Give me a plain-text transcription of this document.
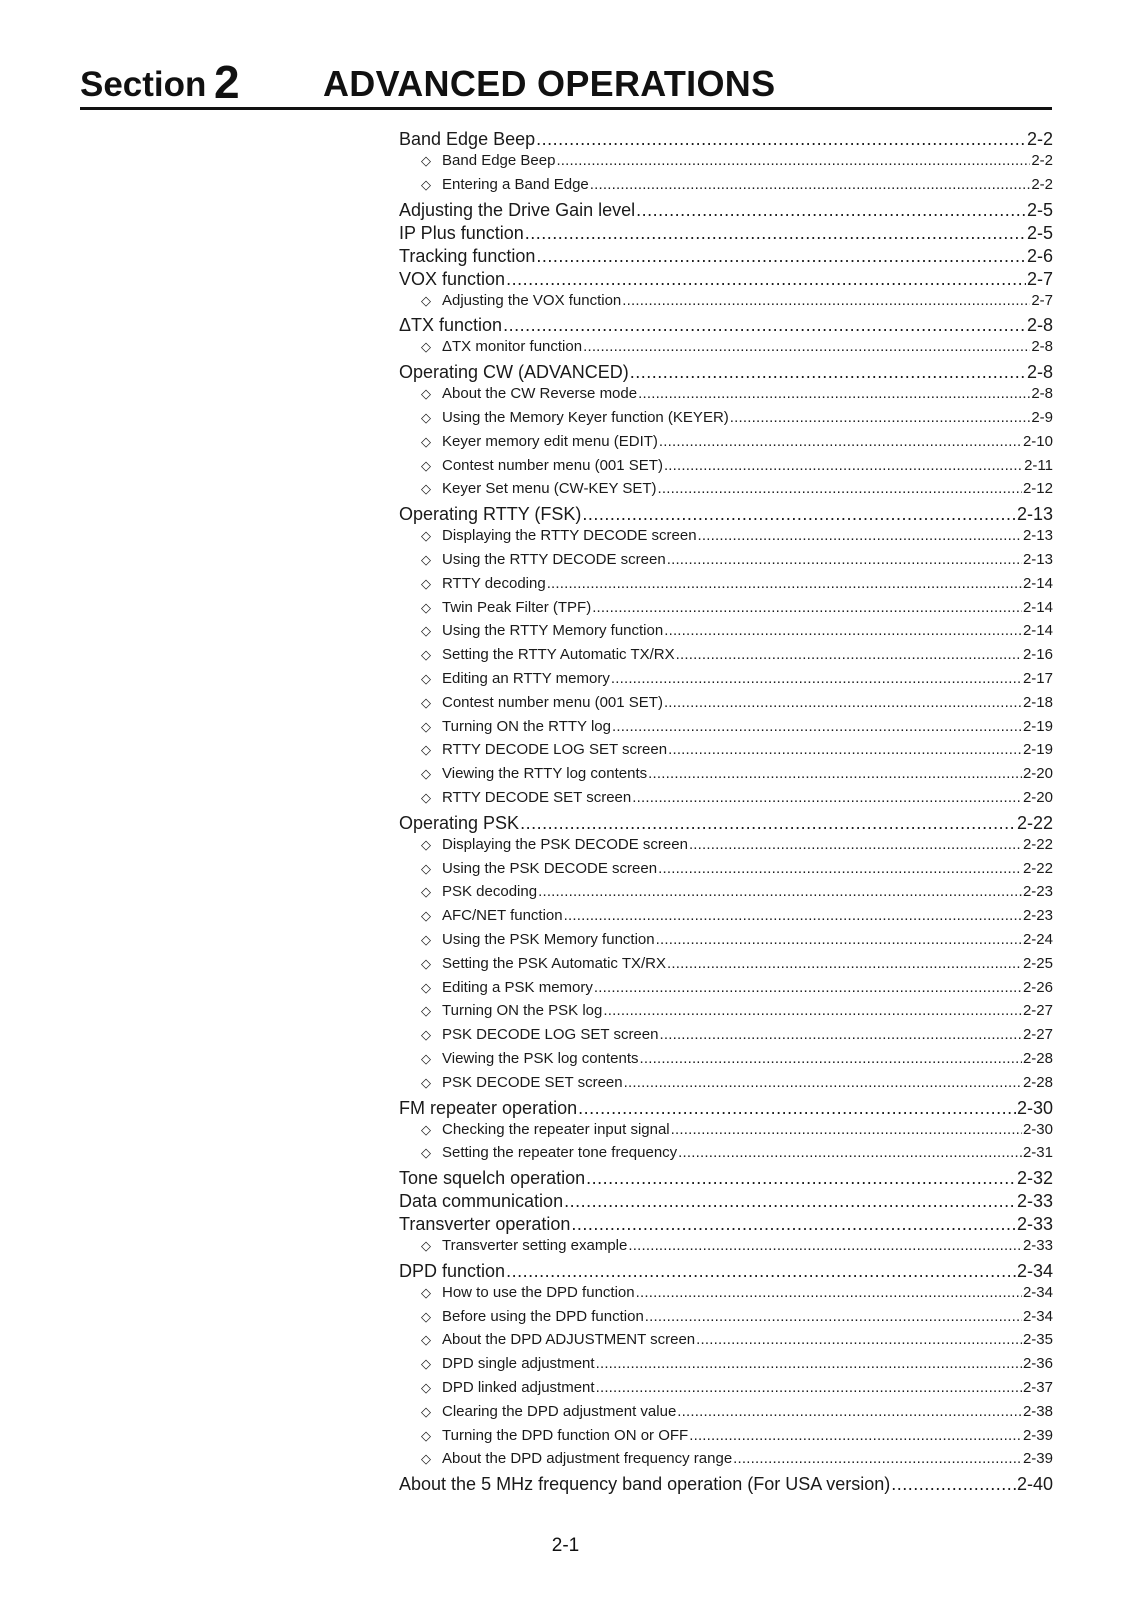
Section 2 ADVANCED OPERATIONS
Band Edge Beep .....	2-2
◇ Band Edge Beep .....	2-2
◇ Entering a Band Edge .....	2-2
Adjusting the Drive Gain level .....	2-5
IP Plus function .....	2-5
Tracking function .....	2-6
VOX function .....	2-7
◇ Adjusting the VOX function .....	2-7
ΔTX function .....	2-8
◇ ΔTX monitor function .....	2-8
Operating CW (ADVANCED) .....	2-8
◇ About the CW Reverse mode .....	2-8
◇ Using the Memory Keyer function (KEYER) .....	2-9
◇ Keyer memory edit menu (EDIT) .....	2-10
◇ Contest number menu (001 SET) .....	2-11
◇ Keyer Set menu (CW-KEY SET) .....	2-12
Operating RTTY (FSK) .....	2-13
◇ Displaying the RTTY DECODE screen .....	2-13
◇ Using the RTTY DECODE screen .....	2-13
◇ RTTY decoding .....	2-14
◇ Twin Peak Filter (TPF) .....	2-14
◇ Using the RTTY Memory function .....	2-14
◇ Setting the RTTY Automatic TX/RX .....	2-16
◇ Editing an RTTY memory .....	2-17
◇ Contest number menu (001 SET) .....	2-18
◇ Turning ON the RTTY log .....	2-19
◇ RTTY DECODE LOG SET screen .....	2-19
◇ Viewing the RTTY log contents .....	2-20
◇ RTTY DECODE SET screen .....	2-20
Operating PSK .....	2-22
◇ Displaying the PSK DECODE screen .....	2-22
◇ Using the PSK DECODE screen .....	2-22
◇ PSK decoding .....	2-23
◇ AFC/NET function .....	2-23
◇ Using the PSK Memory function .....	2-24
◇ Setting the PSK Automatic TX/RX .....	2-25
◇ Editing a PSK memory .....	2-26
◇ Turning ON the PSK log .....	2-27
◇ PSK DECODE LOG SET screen .....	2-27
◇ Viewing the PSK log contents .....	2-28
◇ PSK DECODE SET screen .....	2-28
FM repeater operation .....	2-30
◇ Checking the repeater input signal .....	2-30
◇ Setting the repeater tone frequency .....	2-31
Tone squelch operation .....	2-32
Data communication .....	2-33
Transverter operation .....	2-33
◇ Transverter setting example .....	2-33
DPD function .....	2-34
◇ How to use the DPD function .....	2-34
◇ Before using the DPD function .....	2-34
◇ About the DPD ADJUSTMENT screen .....	2-35
◇ DPD single adjustment .....	2-36
◇ DPD linked adjustment .....	2-37
◇ Clearing the DPD adjustment value .....	2-38
◇ Turning the DPD function ON or OFF .....	2-39
◇ About the DPD adjustment frequency range .....	2-39
About the 5 MHz frequency band operation (For USA version) .....	2-40
2-1
